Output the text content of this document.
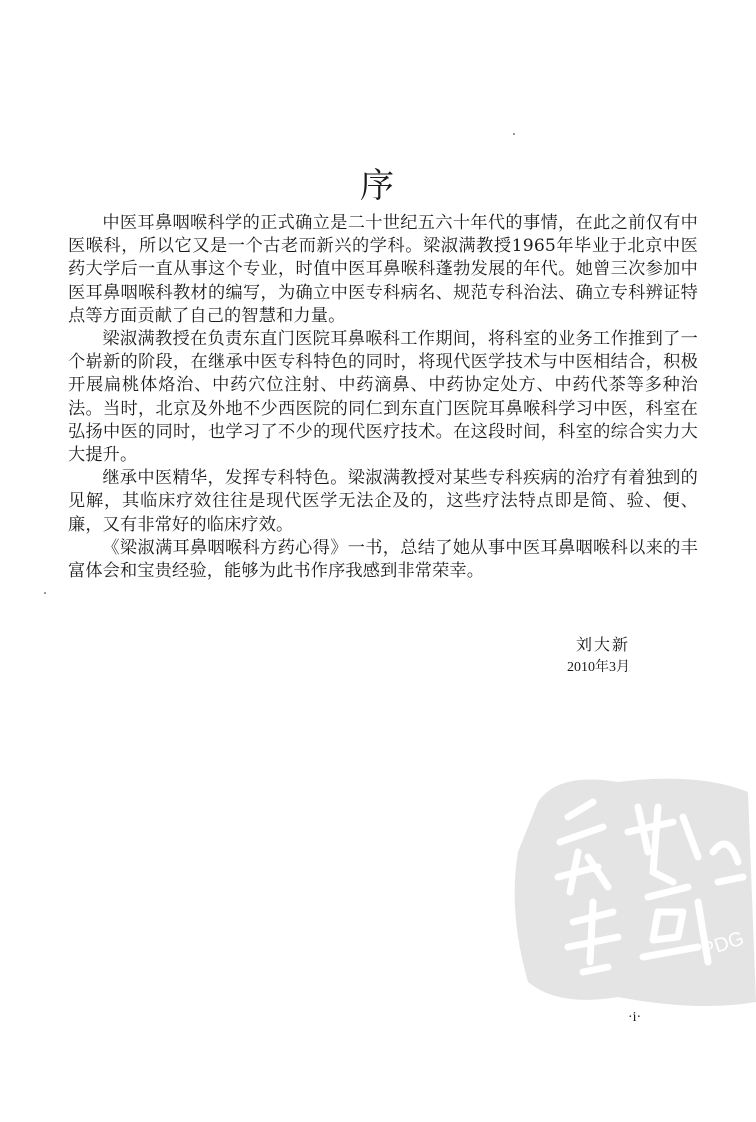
序

中医耳鼻咽喉科学的正式确立是二十世纪五六十年代的事情，在此之前仅有中医喉科，所以它又是一个古老而新兴的学科。梁淑满教授1965年毕业于北京中医药大学后一直从事这个专业，时值中医耳鼻喉科蓬勃发展的年代。她曾三次参加中医耳鼻咽喉科教材的编写，为确立中医专科病名、规范专科治法、确立专科辨证特点等方面贡献了自己的智慧和力量。

梁淑满教授在负责东直门医院耳鼻喉科工作期间，将科室的业务工作推到了一个崭新的阶段，在继承中医专科特色的同时，将现代医学技术与中医相结合，积极开展扁桃体烙治、中药穴位注射、中药滴鼻、中药协定处方、中药代茶等多种治法。当时，北京及外地不少西医院的同仁到东直门医院耳鼻喉科学习中医，科室在弘扬中医的同时，也学习了不少的现代医疗技术。在这段时间，科室的综合实力大大提升。

继承中医精华，发挥专科特色。梁淑满教授对某些专科疾病的治疗有着独到的见解，其临床疗效往往是现代医学无法企及的，这些疗法特点即是简、验、便、廉，又有非常好的临床疗效。

《梁淑满耳鼻咽喉科方药心得》一书，总结了她从事中医耳鼻咽喉科以来的丰富体会和宝贵经验，能够为此书作序我感到非常荣幸。

刘大新
2010年3月
PDG
·i·
